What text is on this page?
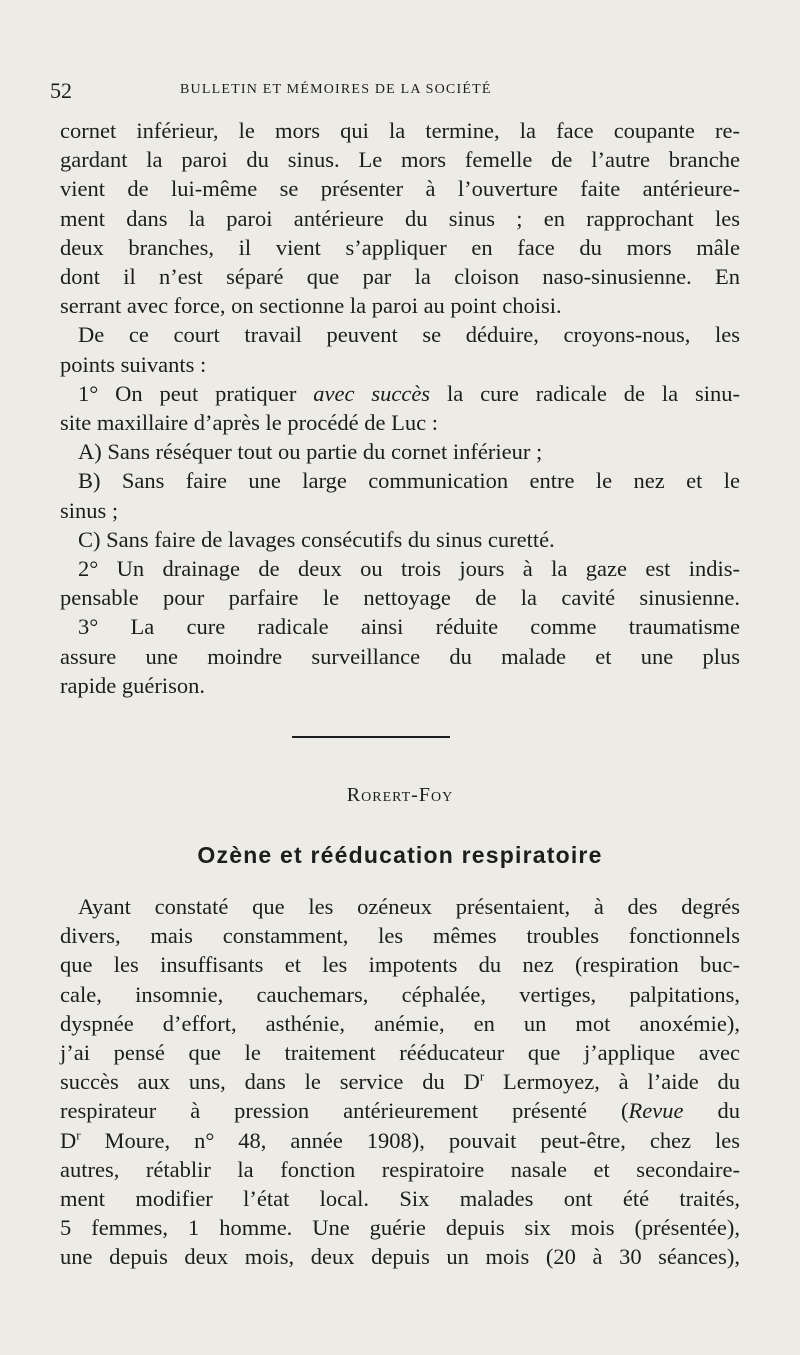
52	BULLETIN ET MÉMOIRES DE LA SOCIÉTÉ
cornet inférieur, le mors qui la termine, la face coupante re-
gardant la paroi du sinus. Le mors femelle de l’autre branche
vient de lui-même se présenter à l’ouverture faite antérieure-
ment dans la paroi antérieure du sinus ; en rapprochant les
deux branches, il vient s’appliquer en face du mors mâle
dont il n’est séparé que par la cloison naso-sinusienne. En
serrant avec force, on sectionne la paroi au point choisi.
De ce court travail peuvent se déduire, croyons-nous, les
points suivants :
1° On peut pratiquer avec succès la cure radicale de la sinu-
site maxillaire d’après le procédé de Luc :
A) Sans réséquer tout ou partie du cornet inférieur ;
B) Sans faire une large communication entre le nez et le
sinus ;
C) Sans faire de lavages consécutifs du sinus curetté.
2° Un drainage de deux ou trois jours à la gaze est indis-
pensable pour parfaire le nettoyage de la cavité sinusienne.
3° La cure radicale ainsi réduite comme traumatisme
assure une moindre surveillance du malade et une plus
rapide guérison.
Rorert-Foy
Ozène et rééducation respiratoire
Ayant constaté que les ozéneux présentaient, à des degrés
divers, mais constamment, les mêmes troubles fonctionnels
que les insuffisants et les impotents du nez (respiration buc-
cale, insomnie, cauchemars, céphalée, vertiges, palpitations,
dyspnée d’effort, asthénie, anémie, en un mot anoxémie),
j’ai pensé que le traitement rééducateur que j’applique avec
succès aux uns, dans le service du $D^r$ Lermoyez, à l’aide du
respirateur à pression antérieurement présenté (Revue du
$D^r$ Moure, n° 48, année 1908), pouvait peut-être, chez les
autres, rétablir la fonction respiratoire nasale et secondaire-
ment modifier l’état local. Six malades ont été traités,
5 femmes, 1 homme. Une guérie depuis six mois (présentée),
une depuis deux mois, deux depuis un mois (20 à 30 séances),
